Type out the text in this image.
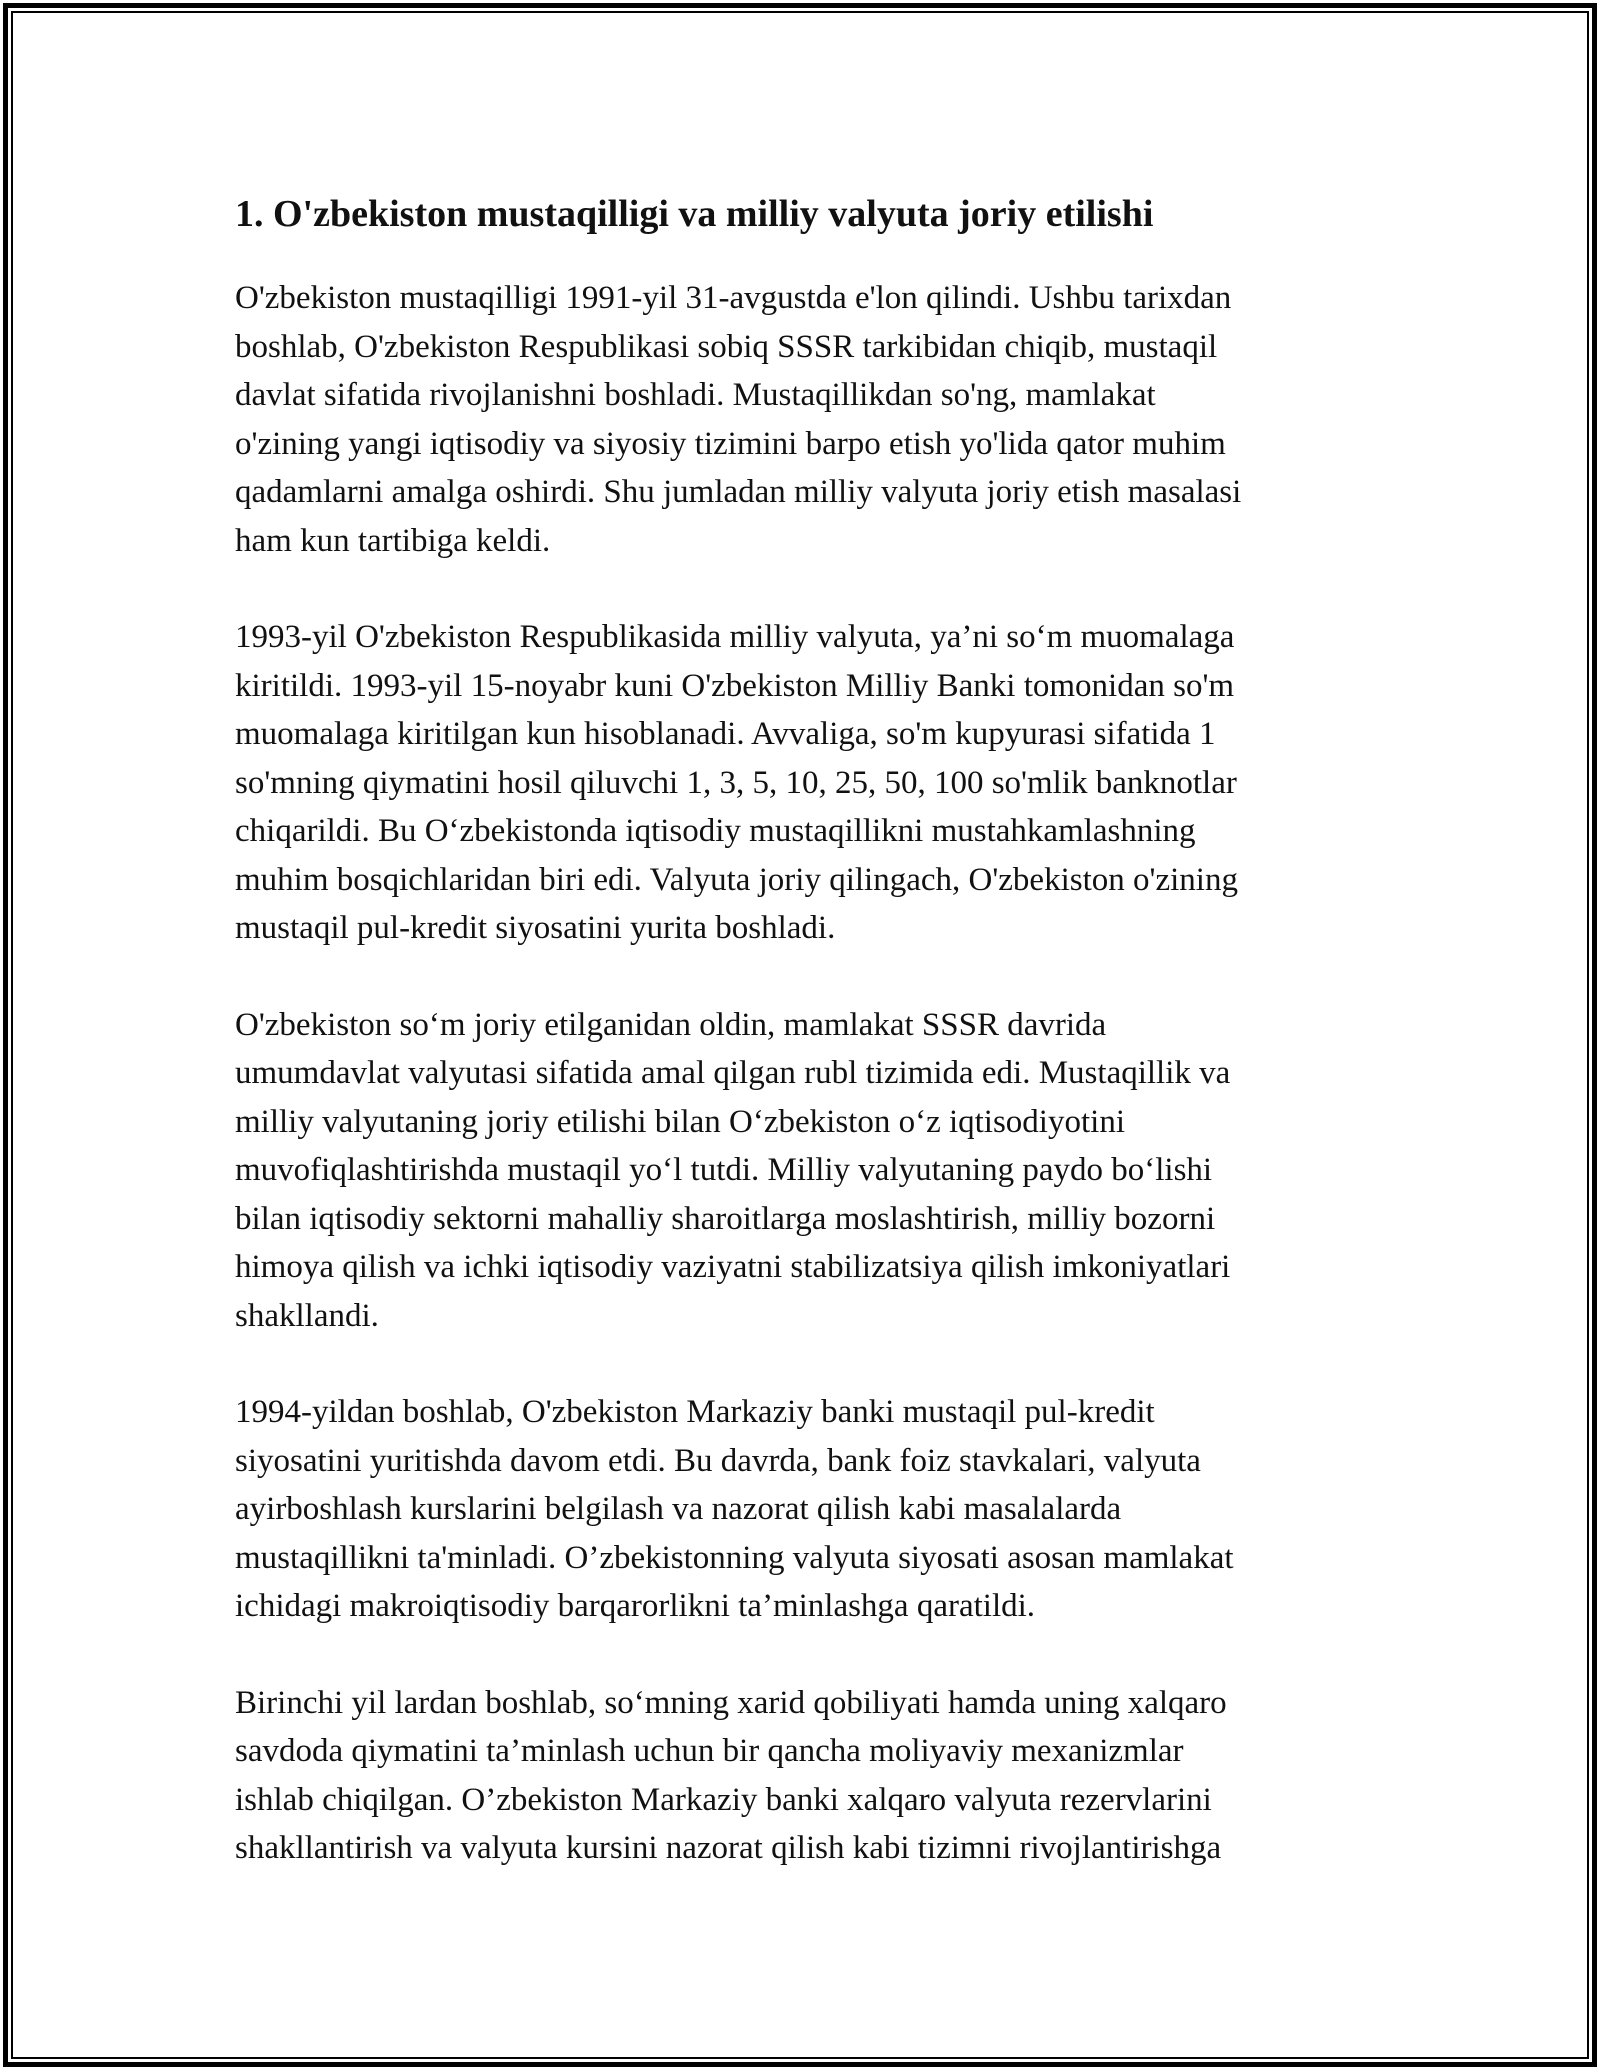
1. O'zbekiston mustaqilligi va milliy valyuta joriy etilishi
O'zbekiston mustaqilligi 1991-yil 31-avgustda e'lon qilindi. Ushbu tarixdan
boshlab, O'zbekiston Respublikasi sobiq SSSR tarkibidan chiqib, mustaqil
davlat sifatida rivojlanishni boshladi. Mustaqillikdan so'ng, mamlakat
o'zining yangi iqtisodiy va siyosiy tizimini barpo etish yo'lida qator muhim
qadamlarni amalga oshirdi. Shu jumladan milliy valyuta joriy etish masalasi
ham kun tartibiga keldi.
1993-yil O'zbekiston Respublikasida milliy valyuta, ya’ni so‘m muomalaga
kiritildi. 1993-yil 15-noyabr kuni O'zbekiston Milliy Banki tomonidan so'm
muomalaga kiritilgan kun hisoblanadi. Avvaliga, so'm kupyurasi sifatida 1
so'mning qiymatini hosil qiluvchi 1, 3, 5, 10, 25, 50, 100 so'mlik banknotlar
chiqarildi. Bu O‘zbekistonda iqtisodiy mustaqillikni mustahkamlashning
muhim bosqichlaridan biri edi. Valyuta joriy qilingach, O'zbekiston o'zining
mustaqil pul-kredit siyosatini yurita boshladi.
O'zbekiston so‘m joriy etilganidan oldin, mamlakat SSSR davrida
umumdavlat valyutasi sifatida amal qilgan rubl tizimida edi. Mustaqillik va
milliy valyutaning joriy etilishi bilan O‘zbekiston o‘z iqtisodiyotini
muvofiqlashtirishda mustaqil yo‘l tutdi. Milliy valyutaning paydo bo‘lishi
bilan iqtisodiy sektorni mahalliy sharoitlarga moslashtirish, milliy bozorni
himoya qilish va ichki iqtisodiy vaziyatni stabilizatsiya qilish imkoniyatlari
shakllandi.
1994-yildan boshlab, O'zbekiston Markaziy banki mustaqil pul-kredit
siyosatini yuritishda davom etdi. Bu davrda, bank foiz stavkalari, valyuta
ayirboshlash kurslarini belgilash va nazorat qilish kabi masalalarda
mustaqillikni ta'minladi. O’zbekistonning valyuta siyosati asosan mamlakat
ichidagi makroiqtisodiy barqarorlikni ta’minlashga qaratildi.
Birinchi yil lardan boshlab, so‘mning xarid qobiliyati hamda uning xalqaro
savdoda qiymatini ta’minlash uchun bir qancha moliyaviy mexanizmlar
ishlab chiqilgan. O’zbekiston Markaziy banki xalqaro valyuta rezervlarini
shakllantirish va valyuta kursini nazorat qilish kabi tizimni rivojlantirishga
